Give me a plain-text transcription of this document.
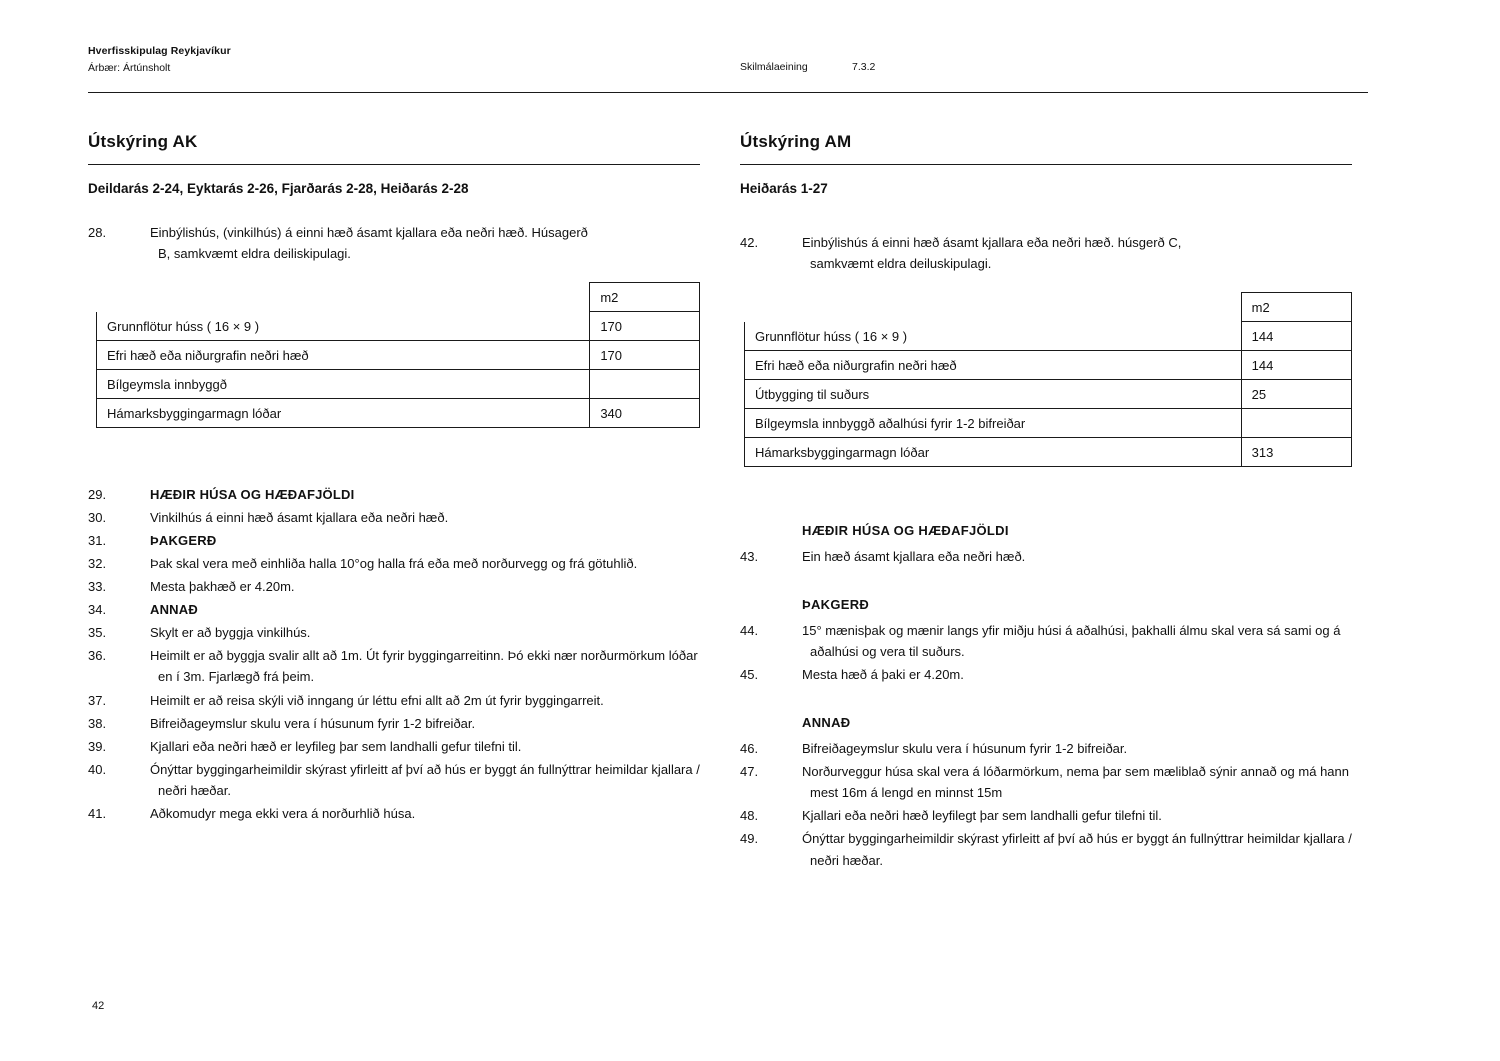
Hverfisskipulag Reykjavíkur
Árbær: Ártúnsholt	Skilmálaeining	7.3.2
Útskýring AK
Deildarás 2-24, Eyktarás 2-26, Fjarðarás 2-28, Heiðarás 2-28
28.	Einbýlishús, (vinkilhús) á einni hæð ásamt kjallara eða neðri hæð. Húsagerð
B, samkvæmt eldra deiliskipulagi.
	m2
Grunnflötur húss ( 16 × 9 )	170
Efri hæð eða niðurgrafin neðri hæð	170
Bílgeymsla innbyggð	
Hámarksbyggingarmagn lóðar	340
29.	HÆÐIR HÚSA OG HÆÐAFJÖLDI
30.	Vinkilhús á einni hæð ásamt kjallara eða neðri hæð.
31.	ÞAKGERÐ
32.	Þak skal vera með einhliða halla 10°og halla frá eða með norðurvegg og frá götuhlið.
33.	Mesta þakhæð er 4.20m.
34.	ANNAÐ
35.	Skylt er að byggja vinkilhús.
36.	Heimilt er að byggja svalir allt að 1m. Út fyrir byggingarreitinn. Þó ekki nær norðurmörkum lóðar en í 3m. Fjarlægð frá þeim.
37.	Heimilt er að reisa skýli við inngang úr léttu efni allt að 2m út fyrir byggingarreit.
38.	Bifreiðageymslur skulu vera í húsunum fyrir 1-2 bifreiðar.
39.	Kjallari eða neðri hæð er leyfileg þar sem landhalli gefur tilefni til.
40.	Ónýttar byggingarheimildir skýrast yfirleitt af því að hús er byggt án fullnýttrar heimildar kjallara / neðri hæðar.
41.	Aðkomudyr mega ekki vera á norðurhlið húsa.
Útskýring AM
Heiðarás 1-27
42.	Einbýlishús á einni hæð ásamt kjallara eða neðri hæð. húsgerð C,
samkvæmt eldra deiluskipulagi.
	m2
Grunnflötur húss ( 16 × 9 )	144
Efri hæð eða niðurgrafin neðri hæð	144
Útbygging til suðurs	25
Bílgeymsla innbyggð aðalhúsi fyrir 1-2 bifreiðar	
Hámarksbyggingarmagn lóðar	313
HÆÐIR HÚSA OG HÆÐAFJÖLDI
43.	Ein hæð ásamt kjallara eða neðri hæð.
ÞAKGERÐ
44.	15° mænisþak og mænir langs yfir miðju húsi á aðalhúsi, þakhalli álmu skal vera sá sami og á aðalhúsi og vera til suðurs.
45.	Mesta hæð á þaki er 4.20m.
ANNAÐ
46.	Bifreiðageymslur skulu vera í húsunum fyrir 1-2 bifreiðar.
47.	Norðurveggur húsa skal vera á lóðarmörkum, nema þar sem mæliblað sýnir annað og má hann mest 16m á lengd en minnst 15m
48.	Kjallari eða neðri hæð leyfilegt þar sem landhalli gefur tilefni til.
49.	Ónýttar byggingarheimildir skýrast yfirleitt af því að hús er byggt án fullnýttrar heimildar kjallara / neðri hæðar.
42
